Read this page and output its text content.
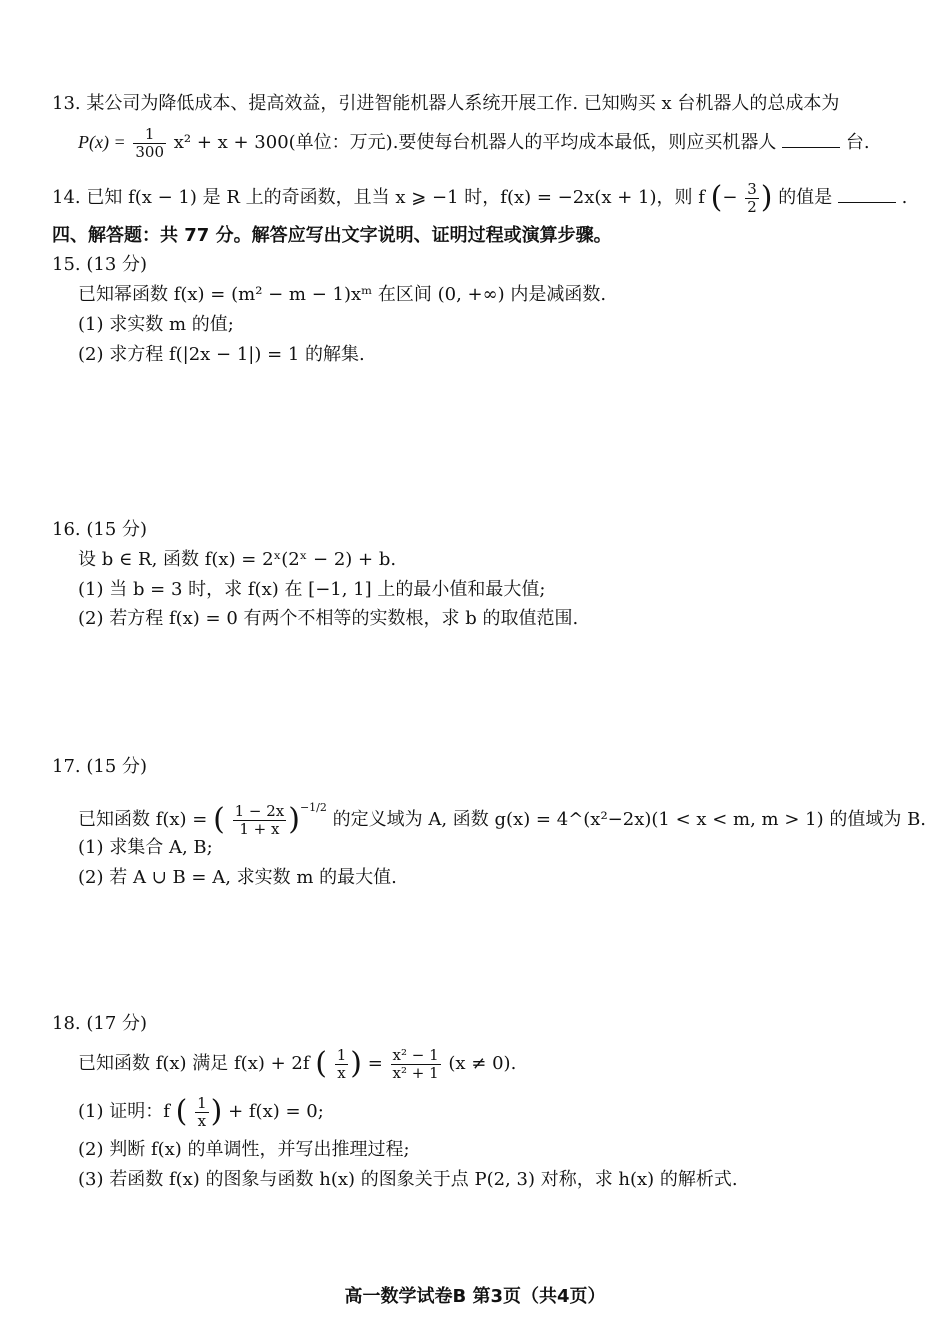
13. 某公司为降低成本、提高效益，引进智能机器人系统开展工作. 已知购买 x 台机器人的总成本为
$P(x) = \frac{1}{300} x^2 + x + 300$(单位：万元).要使每台机器人的平均成本最低，则应买机器人	台.
14. 已知 f(x − 1) 是 R 上的奇函数，且当 x ⩾ −1 时，f(x) = −2x(x + 1)，则 f (− $\frac{3}{2}$ ) 的值是	.
四、解答题：共 77 分。解答应写出文字说明、证明过程或演算步骤。
15. (13 分)
已知幂函数 f(x) = (m² − m − 1)xᵐ 在区间 (0, +∞) 内是减函数.
(1) 求实数 m 的值;
(2) 求方程 f(|2x − 1|) = 1 的解集.
16. (15 分)
设 b ∈ R, 函数 f(x) = 2ˣ(2ˣ − 2) + b.
(1) 当 b = 3 时，求 f(x) 在 [−1, 1] 上的最小值和最大值;
(2) 若方程 f(x) = 0 有两个不相等的实数根，求 b 的取值范围.
17. (15 分)
已知函数 f(x) = ( $\frac{1 - 2x}{1 + x} )^{-1/2}$ 的定义域为 A, 函数 g(x) = 4^(x²−2x)(1 < x < m, m > 1) 的值域为 B.
(1) 求集合 A, B;
(2) 若 A ∪ B = A, 求实数 m 的最大值.
18. (17 分)
已知函数 f(x) 满足 f(x) + 2f ( $\frac{1}{x}$ ) = $\frac{\text{x² − 1}}{\text{x² + 1}} (x \ne 0)$.
(1) 证明：f ( $\frac{1}{x}$ ) + f(x) = 0;
(2) 判断 f(x) 的单调性，并写出推理过程;
(3) 若函数 f(x) 的图象与函数 h(x) 的图象关于点 P(2, 3) 对称，求 h(x) 的解析式.
高一数学试卷B 第3页（共4页）
